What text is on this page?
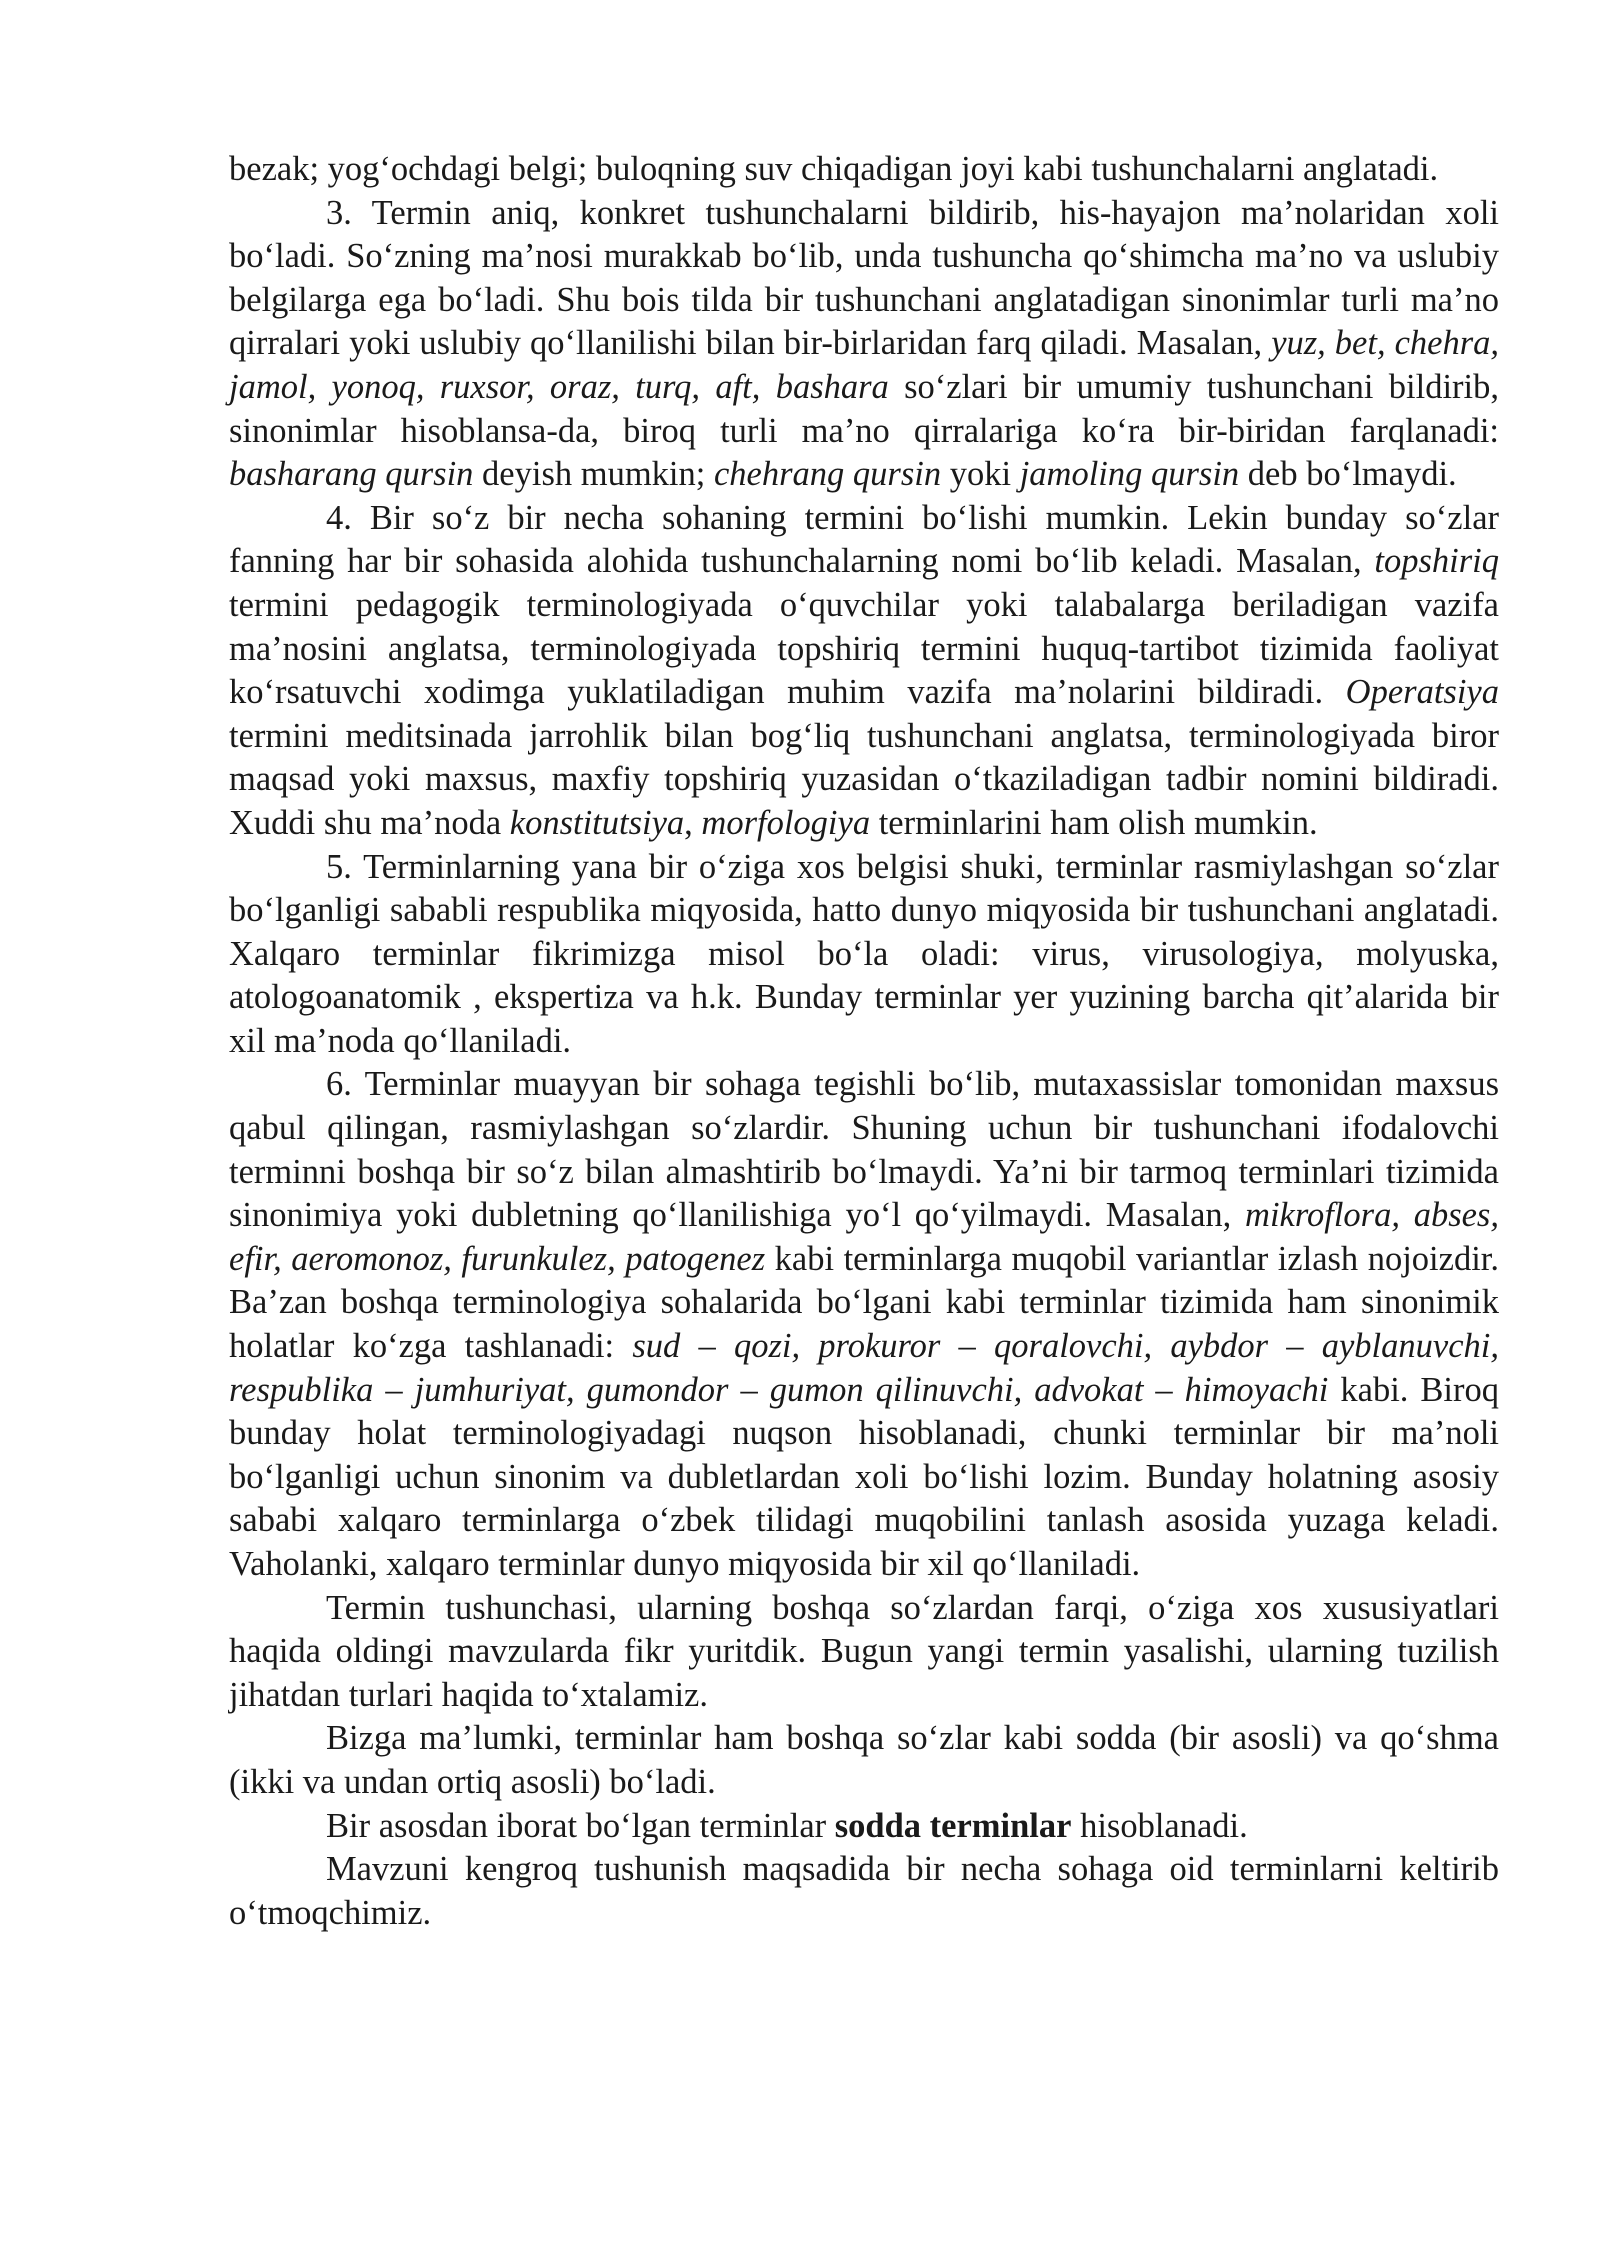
bezak; yog‘ochdagi belgi; buloqning suv chiqadigan joyi kabi tushunchalarni anglatadi.

3. Termin aniq, konkret tushunchalarni bildirib, his-hayajon ma’nolaridan xoli bo‘ladi. So‘zning ma’nosi murakkab bo‘lib, unda tushuncha qo‘shimcha ma’no va uslubiy belgilarga ega bo‘ladi. Shu bois tilda bir tushunchani anglatadigan sinonimlar turli ma’no qirralari yoki uslubiy qo‘llanilishi bilan bir-birlaridan farq qiladi. Masalan, yuz, bet, chehra, jamol, yonoq, ruxsor, oraz, turq, aft, bashara so‘zlari bir umumiy tushunchani bildirib, sinonimlar hisoblansa-da, biroq turli ma’no qirralariga ko‘ra bir-biridan farqlanadi: basharang qursin deyish mumkin; chehrang qursin yoki jamoling qursin deb bo‘lmaydi.

4. Bir so‘z bir necha sohaning termini bo‘lishi mumkin. Lekin bunday so‘zlar fanning har bir sohasida alohida tushunchalarning nomi bo‘lib keladi. Masalan, topshiriq termini pedagogik terminologiyada o‘quvchilar yoki talabalarga beriladigan vazifa ma’nosini anglatsa, terminologiyada topshiriq termini huquq-tartibot tizimida faoliyat ko‘rsatuvchi xodimga yuklatiladigan muhim vazifa ma’nolarini bildiradi. Operatsiya termini meditsinada jarrohlik bilan bog‘liq tushunchani anglatsa, terminologiyada biror maqsad yoki maxsus, maxfiy topshiriq yuzasidan o‘tkaziladigan tadbir nomini bildiradi. Xuddi shu ma’noda konstitutsiya, morfologiya terminlarini ham olish mumkin.

5. Terminlarning yana bir o‘ziga xos belgisi shuki, terminlar rasmiylashgan so‘zlar bo‘lganligi sababli respublika miqyosida, hatto dunyo miqyosida bir tushunchani anglatadi. Xalqaro terminlar fikrimizga misol bo‘la oladi: virus, virusologiya, molyuska, atologoanatomik , ekspertiza va h.k. Bunday terminlar yer yuzining barcha qit’alarida bir xil ma’noda qo‘llaniladi.

6. Terminlar muayyan bir sohaga tegishli bo‘lib, mutaxassislar tomonidan maxsus qabul qilingan, rasmiylashgan so‘zlardir. Shuning uchun bir tushunchani ifodalovchi terminni boshqa bir so‘z bilan almashtirib bo‘lmaydi. Ya’ni bir tarmoq terminlari tizimida sinonimiya yoki dubletning qo‘llanilishiga yo‘l qo‘yilmaydi. Masalan, mikroflora, abses, efir, aeromonoz, furunkulez, patogenez kabi terminlarga muqobil variantlar izlash nojoizdir. Ba’zan boshqa terminologiya sohalarida bo‘lgani kabi terminlar tizimida ham sinonimik holatlar ko‘zga tashlanadi: sud – qozi, prokuror – qoralovchi, aybdor – ayblanuvchi, respublika – jumhuriyat, gumondor – gumon qilinuvchi, advokat – himoyachi kabi. Biroq bunday holat terminologiyadagi nuqson hisoblanadi, chunki terminlar bir ma’noli bo‘lganligi uchun sinonim va dubletlardan xoli bo‘lishi lozim. Bunday holatning asosiy sababi xalqaro terminlarga o‘zbek tilidagi muqobilini tanlash asosida yuzaga keladi. Vaholanki, xalqaro terminlar dunyo miqyosida bir xil qo‘llaniladi.

Termin tushunchasi, ularning boshqa so‘zlardan farqi, o‘ziga xos xususiyatlari haqida oldingi mavzularda fikr yuritdik. Bugun yangi termin yasalishi, ularning tuzilish jihatdan turlari haqida to‘xtalamiz.

Bizga ma’lumki, terminlar ham boshqa so‘zlar kabi sodda (bir asosli) va qo‘shma (ikki va undan ortiq asosli) bo‘ladi.

Bir asosdan iborat bo‘lgan terminlar sodda terminlar hisoblanadi.

Mavzuni kengroq tushunish maqsadida bir necha sohaga oid terminlarni keltirib o‘tmoqchimiz.
